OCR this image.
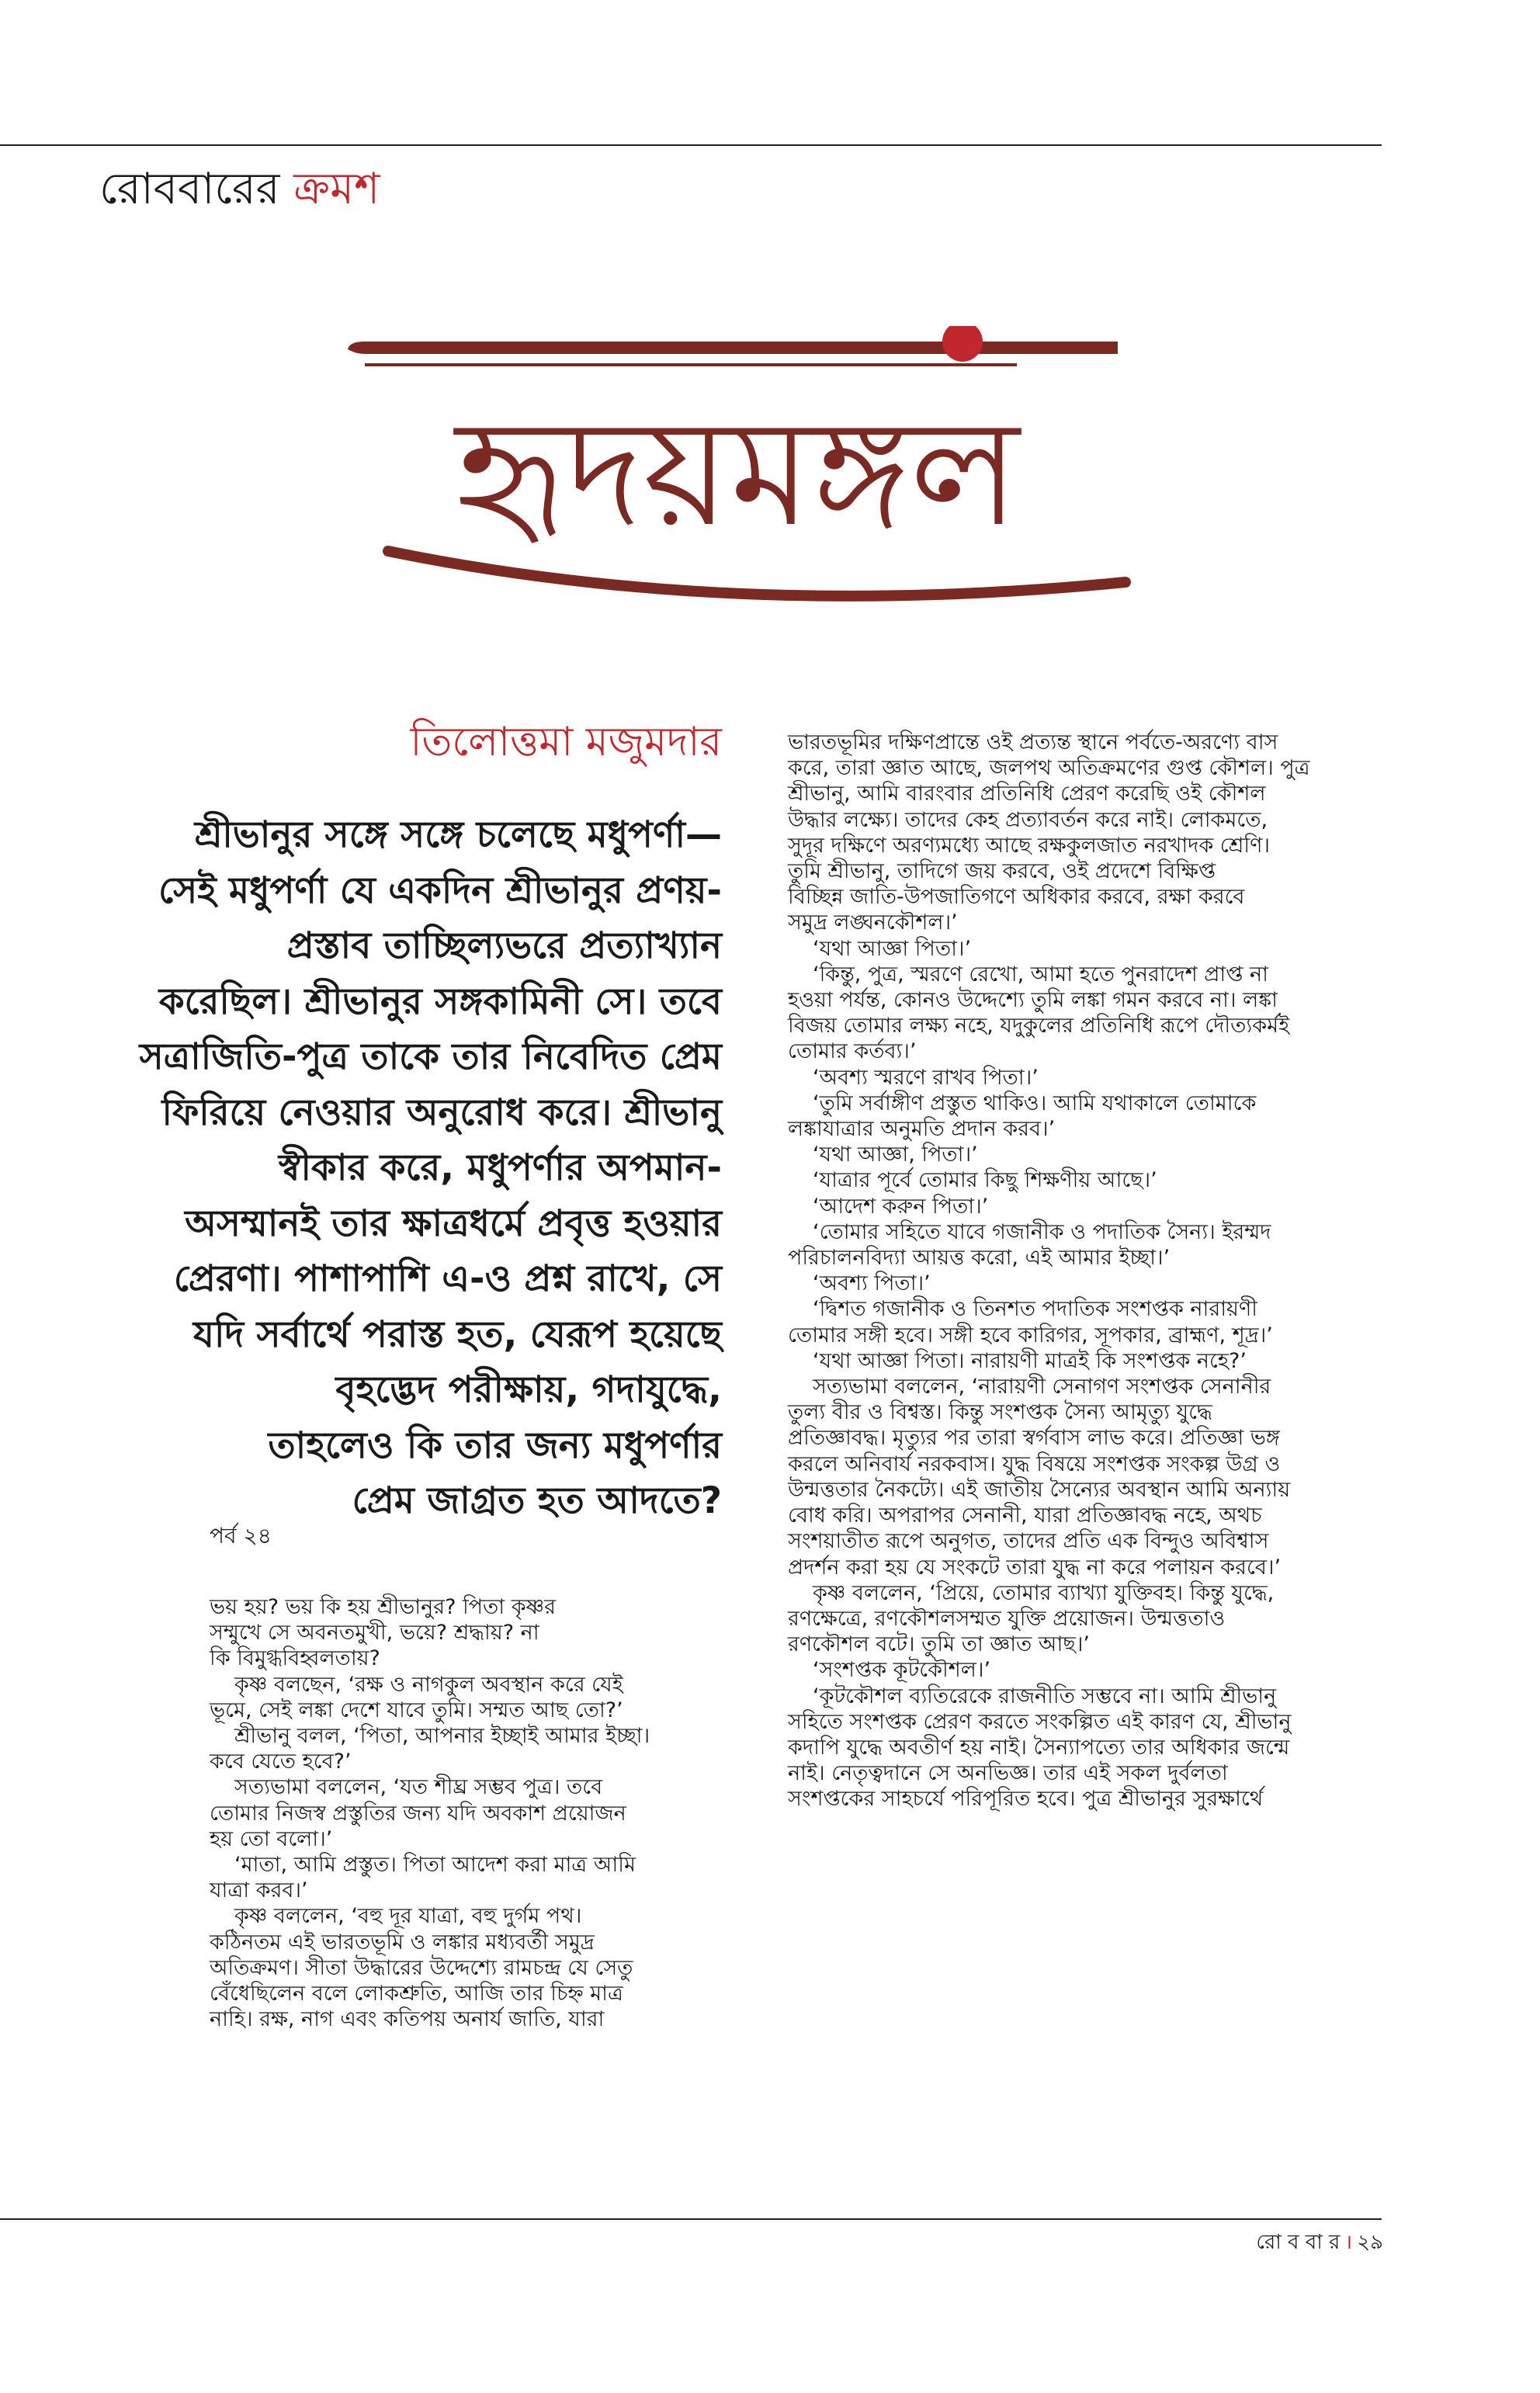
রোববারের ক্রমশ
হৃদয়মঙ্গল
তিলোত্তমা মজুমদার
শ্রীভানুর সঙ্গে সঙ্গে চলেছে মধুপর্ণা—
সেই মধুপর্ণা যে একদিন শ্রীভানুর প্রণয়-
প্রস্তাব তাচ্ছিল্যভরে প্রত্যাখ্যান
করেছিল। শ্রীভানুর সঙ্গকামিনী সে। তবে
সত্রাজিতি-পুত্র তাকে তার নিবেদিত প্রেম
ফিরিয়ে নেওয়ার অনুরোধ করে। শ্রীভানু
স্বীকার করে, মধুপর্ণার অপমান-
অসম্মানই তার ক্ষাত্রধর্মে প্রবৃত্ত হওয়ার
প্রেরণা। পাশাপাশি এ-ও প্রশ্ন রাখে, সে
যদি সর্বার্থে পরাস্ত হত, যেরূপ হয়েছে
বৃহদ্ভেদ পরীক্ষায়, গদাযুদ্ধে,
তাহলেও কি তার জন্য মধুপর্ণার
প্রেম জাগ্রত হত আদতে?
পর্ব ২৪
ভয় হয়? ভয় কি হয় শ্রীভানুর? পিতা কৃষ্ণর
সম্মুখে সে অবনতমুখী, ভয়ে? শ্রদ্ধায়? না
কি বিমুগ্ধবিহ্বলতায়?
কৃষ্ণ বলছেন, ‘রক্ষ ও নাগকুল অবস্থান করে যেই
ভূমে, সেই লঙ্কা দেশে যাবে তুমি। সম্মত আছ তো?’
শ্রীভানু বলল, ‘পিতা, আপনার ইচ্ছাই আমার ইচ্ছা।
কবে যেতে হবে?’
সত্যভামা বললেন, ‘যত শীঘ্র সম্ভব পুত্র। তবে
তোমার নিজস্ব প্রস্তুতির জন্য যদি অবকাশ প্রয়োজন
হয় তো বলো।’
‘মাতা, আমি প্রস্তুত। পিতা আদেশ করা মাত্র আমি
যাত্রা করব।’
কৃষ্ণ বললেন, ‘বহু দূর যাত্রা, বহু দুর্গম পথ।
কঠিনতম এই ভারতভূমি ও লঙ্কার মধ্যবর্তী সমুদ্র
অতিক্রমণ। সীতা উদ্ধারের উদ্দেশ্যে রামচন্দ্র যে সেতু
বেঁধেছিলেন বলে লোকশ্রুতি, আজি তার চিহ্ন মাত্র
নাহি। রক্ষ, নাগ এবং কতিপয় অনার্য জাতি, যারা
ভারতভূমির দক্ষিণপ্রান্তে ওই প্রত্যন্ত স্থানে পর্বতে-অরণ্যে বাস
করে, তারা জ্ঞাত আছে, জলপথ অতিক্রমণের গুপ্ত কৌশল। পুত্র
শ্রীভানু, আমি বারংবার প্রতিনিধি প্রেরণ করেছি ওই কৌশল
উদ্ধার লক্ষ্যে। তাদের কেহ প্রত্যাবর্তন করে নাই। লোকমতে,
সুদূর দক্ষিণে অরণ্যমধ্যে আছে রক্ষকুলজাত নরখাদক শ্রেণি।
তুমি শ্রীভানু, তাদিগে জয় করবে, ওই প্রদেশে বিক্ষিপ্ত
বিচ্ছিন্ন জাতি-উপজাতিগণে অধিকার করবে, রক্ষা করবে
সমুদ্র লঙ্ঘনকৌশল।’
‘যথা আজ্ঞা পিতা।’
‘কিন্তু, পুত্র, স্মরণে রেখো, আমা হতে পুনরাদেশ প্রাপ্ত না
হওয়া পর্যন্ত, কোনও উদ্দেশ্যে তুমি লঙ্কা গমন করবে না। লঙ্কা
বিজয় তোমার লক্ষ্য নহে, যদুকুলের প্রতিনিধি রূপে দৌত্যকর্মই
তোমার কর্তব্য।’
‘অবশ্য স্মরণে রাখব পিতা।’
‘তুমি সর্বাঙ্গীণ প্রস্তুত থাকিও। আমি যথাকালে তোমাকে
লঙ্কাযাত্রার অনুমতি প্রদান করব।’
‘যথা আজ্ঞা, পিতা।’
‘যাত্রার পূর্বে তোমার কিছু শিক্ষণীয় আছে।’
‘আদেশ করুন পিতা।’
‘তোমার সহিতে যাবে গজানীক ও পদাতিক সৈন্য। ইরম্মদ
পরিচালনবিদ্যা আয়ত্ত করো, এই আমার ইচ্ছা।’
‘অবশ্য পিতা।’
‘দ্বিশত গজানীক ও তিনশত পদাতিক সংশপ্তক নারায়ণী
তোমার সঙ্গী হবে। সঙ্গী হবে কারিগর, সূপকার, ব্রাহ্মণ, শূদ্র।’
‘যথা আজ্ঞা পিতা। নারায়ণী মাত্রই কি সংশপ্তক নহে?’
সত্যভামা বললেন, ‘নারায়ণী সেনাগণ সংশপ্তক সেনানীর
তুল্য বীর ও বিশ্বস্ত। কিন্তু সংশপ্তক সৈন্য আমৃত্যু যুদ্ধে
প্রতিজ্ঞাবদ্ধ। মৃত্যুর পর তারা স্বর্গবাস লাভ করে। প্রতিজ্ঞা ভঙ্গ
করলে অনিবার্য নরকবাস। যুদ্ধ বিষয়ে সংশপ্তক সংকল্প উগ্র ও
উন্মত্ততার নৈকট্যে। এই জাতীয় সৈন্যের অবস্থান আমি অন্যায়
বোধ করি। অপরাপর সেনানী, যারা প্রতিজ্ঞাবদ্ধ নহে, অথচ
সংশয়াতীত রূপে অনুগত, তাদের প্রতি এক বিন্দুও অবিশ্বাস
প্রদর্শন করা হয় যে সংকটে তারা যুদ্ধ না করে পলায়ন করবে।’
কৃষ্ণ বললেন, ‘প্রিয়ে, তোমার ব্যাখ্যা যুক্তিবহ। কিন্তু যুদ্ধে,
রণক্ষেত্রে, রণকৌশলসম্মত যুক্তি প্রয়োজন। উন্মত্ততাও
রণকৌশল বটে। তুমি তা জ্ঞাত আছ।’
‘সংশপ্তক কূটকৌশল।’
‘কূটকৌশল ব্যতিরেকে রাজনীতি সম্ভবে না। আমি শ্রীভানু
সহিতে সংশপ্তক প্রেরণ করতে সংকল্পিত এই কারণ যে, শ্রীভানু
কদাপি যুদ্ধে অবতীর্ণ হয় নাই। সৈন্যাপত্যে তার অধিকার জন্মে
নাই। নেতৃত্বদানে সে অনভিজ্ঞ। তার এই সকল দুর্বলতা
সংশপ্তকের সাহচর্যে পরিপূরিত হবে। পুত্র শ্রীভানুর সুরক্ষার্থে
রো ব বা র । ২৯
